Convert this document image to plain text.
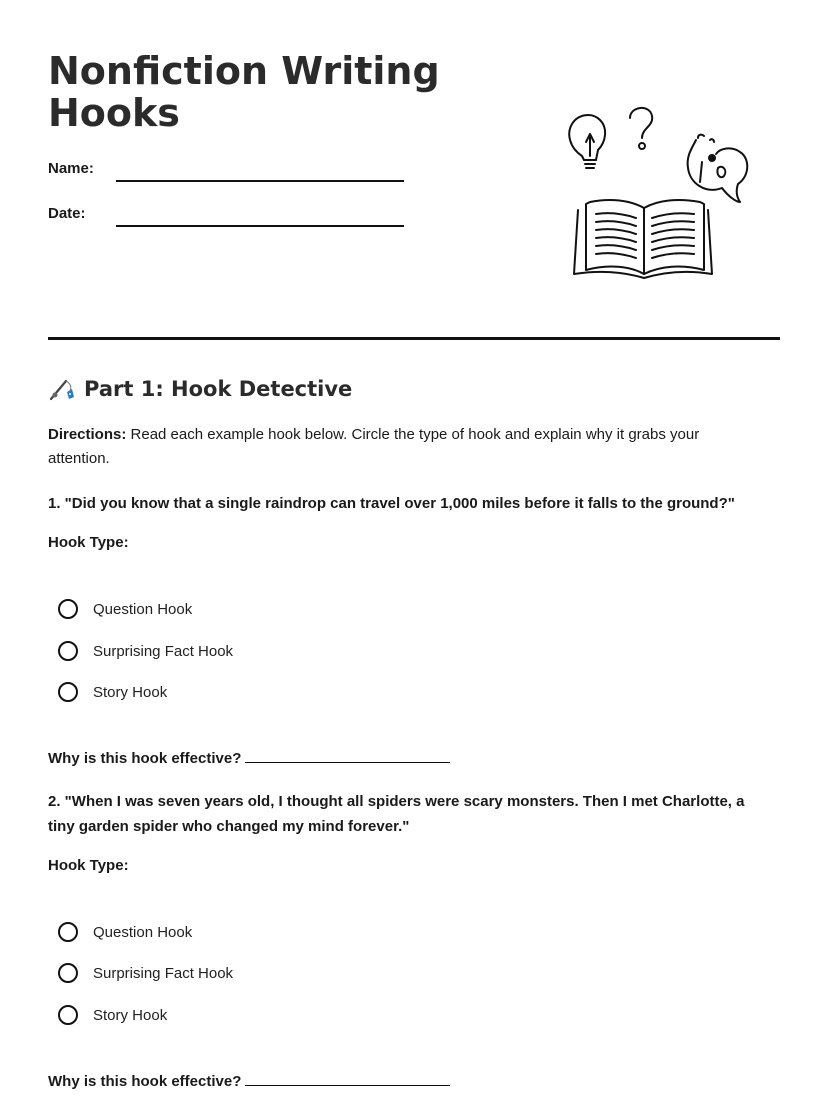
Nonfiction Writing Hooks
Name:
Date:
Part 1: Hook Detective
Directions: Read each example hook below. Circle the type of hook and explain why it grabs your attention.
1. "Did you know that a single raindrop can travel over 1,000 miles before it falls to the ground?"
Hook Type:
Question Hook
Surprising Fact Hook
Story Hook
Why is this hook effective?
2. "When I was seven years old, I thought all spiders were scary monsters. Then I met Charlotte, a tiny garden spider who changed my mind forever."
Hook Type:
Question Hook
Surprising Fact Hook
Story Hook
Why is this hook effective?
